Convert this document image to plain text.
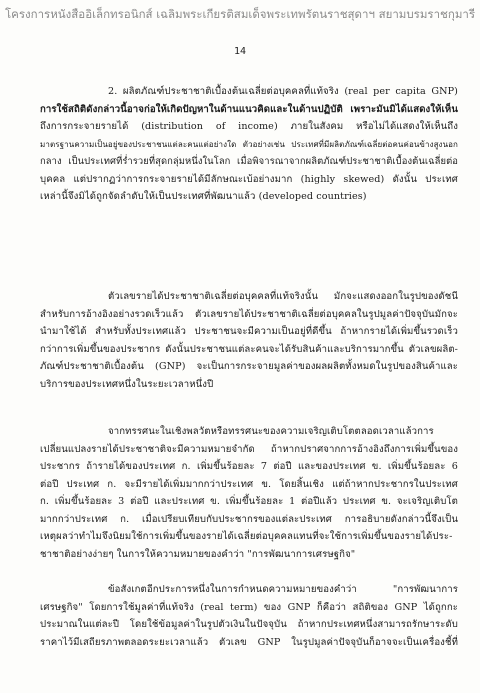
โครงการหนังสืออิเล็กทรอนิกส์ เฉลิมพระเกียรติสมเด็จพระเทพรัตนราชสุดาฯ สยามบรมราชกุมารี
14
2. ผลิตภัณฑ์ประชาชาติเบื้องต้นเฉลี่ยต่อบุคคลที่แท้จริง (real per capita GNP)
การใช้สถิติดังกล่าวนี้อาจก่อให้เกิดปัญหาในด้านแนวคิดและในด้านปฏิบัติ เพราะมันมิได้แสดงให้เห็น
ถึงการกระจายรายได้ (distribution of income) ภายในสังคม หรือไม่ได้แสดงให้เห็นถึง
มาตรฐานความเป็นอยู่ของประชาชนแต่ละคนแต่อย่างใด ตัวอย่างเช่น ประเทศที่มีผลิตภัณฑ์เฉลี่ยต่อคนค่อนข้างสูงนอก
กลาง เป็นประเทศที่ร่ำรวยที่สุดกลุ่มหนึ่งในโลก เมื่อพิจารณาจากผลิตภัณฑ์ประชาชาติเบื้องต้นเฉลี่ยต่อ
บุคคล แต่ปรากฏว่าการกระจายรายได้มีลักษณะเบ้อย่างมาก (highly skewed) ดังนั้น ประเทศ
เหล่านี้จึงมิได้ถูกจัดลำดับให้เป็นประเทศที่พัฒนาแล้ว (developed countries)
ตัวเลขรายได้ประชาชาติเฉลี่ยต่อบุคคลที่แท้จริงนั้น มักจะแสดงออกในรูปของดัชนี
สำหรับการอ้างอิงอย่างรวดเร็วแล้ว ตัวเลขรายได้ประชาชาติเฉลี่ยต่อบุคคลในรูปมูลค่าปัจจุบันมักจะ
นำมาใช้ได้ สำหรับทั้งประเทศแล้ว ประชาชนจะมีความเป็นอยู่ที่ดีขึ้น ถ้าหากรายได้เพิ่มขึ้นรวดเร็ว
กว่าการเพิ่มขึ้นของประชากร ดังนั้นประชาชนแต่ละคนจะได้รับสินค้าและบริการมากขึ้น ตัวเลขผลิต-
ภัณฑ์ประชาชาติเบื้องต้น (GNP) จะเป็นการกระจายมูลค่าของผลผลิตทั้งหมดในรูปของสินค้าและ
บริการของประเทศหนึ่งในระยะเวลาหนึ่งปี
จากทรรศนะในเชิงพลวัตหรือทรรศนะของความเจริญเติบโตตลอดเวลาแล้วการ
เปลี่ยนแปลงรายได้ประชาชาติจะมีความหมายจำกัด ถ้าหากปราศจากการอ้างอิงถึงการเพิ่มขึ้นของ
ประชากร ถ้ารายได้ของประเทศ ก. เพิ่มขึ้นร้อยละ 7 ต่อปี และของประเทศ ข. เพิ่มขึ้นร้อยละ 6
ต่อปี ประเทศ ก. จะมีรายได้เพิ่มมากกว่าประเทศ ข. โดยสิ้นเชิง แต่ถ้าหากประชากรในประเทศ
ก. เพิ่มขึ้นร้อยละ 3 ต่อปี และประเทศ ข. เพิ่มขึ้นร้อยละ 1 ต่อปีแล้ว ประเทศ ข. จะเจริญเติบโต
มากกว่าประเทศ ก. เมื่อเปรียบเทียบกับประชากรของแต่ละประเทศ การอธิบายดังกล่าวนี้จึงเป็น
เหตุผลว่าทำไมจึงนิยมใช้การเพิ่มขึ้นของรายได้เฉลี่ยต่อบุคคลแทนที่จะใช้การเพิ่มขึ้นของรายได้ประ-
ชาชาติอย่างง่ายๆ ในการให้ความหมายของคำว่า "การพัฒนาการเศรษฐกิจ"
ข้อสังเกตอีกประการหนึ่งในการกำหนดความหมายของคำว่า "การพัฒนาการ
เศรษฐกิจ" โดยการใช้มูลค่าที่แท้จริง (real term) ของ GNP ก็คือว่า สถิติของ GNP ได้ถูกกะ
ประมาณในแต่ละปี โดยใช้ข้อมูลค่าในรูปตัวเงินในปัจจุบัน ถ้าหากประเทศหนึ่งสามารถรักษาระดับ
ราคาไว้มีเสถียรภาพตลอดระยะเวลาแล้ว ตัวเลข GNP ในรูปมูลค่าปัจจุบันก็อาจจะเป็นเครื่องชี้ที่
